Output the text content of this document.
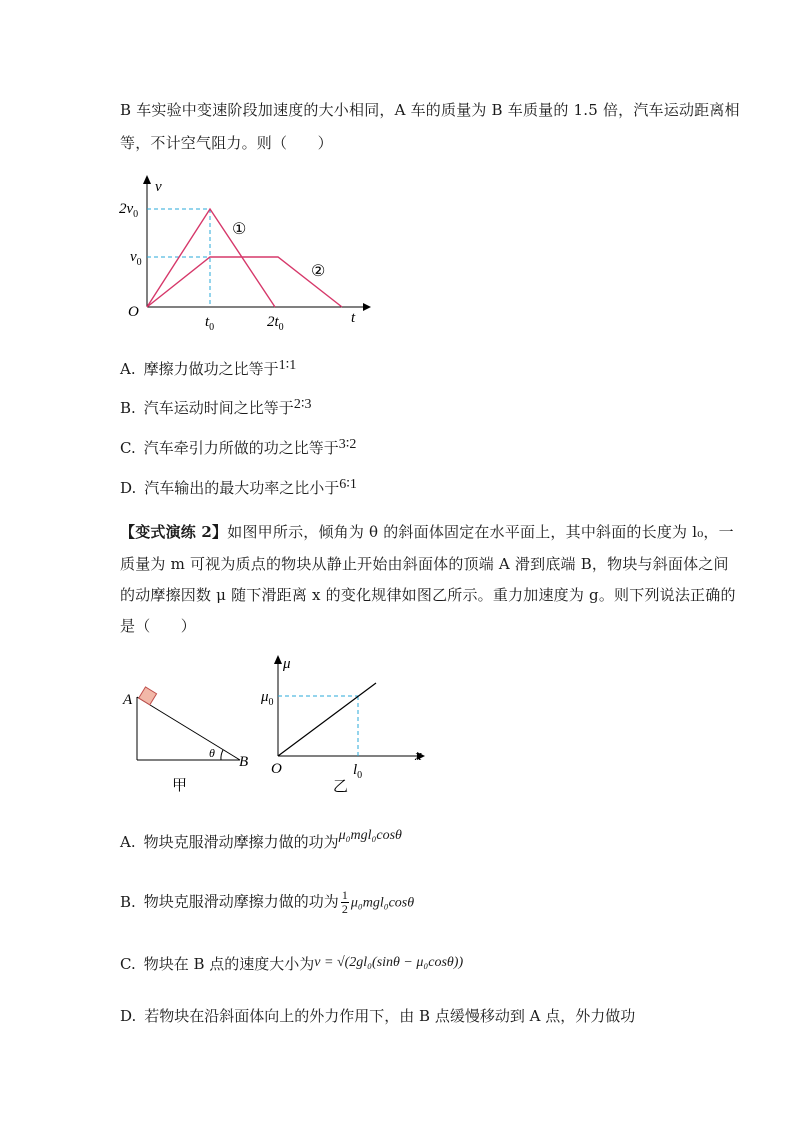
B 车实验中变速阶段加速度的大小相同，A 车的质量为 B 车质量的 1.5 倍，汽车运动距离相
等，不计空气阻力。则（　　）
v
t
O
$2v_0$
$v_0$
$t_0$	$2t_0$
①
②
A. 摩擦力做功之比等于1∶1
B. 汽车运动时间之比等于2∶3
C. 汽车牵引力所做的功之比等于3∶2
D. 汽车输出的最大功率之比小于6∶1
【变式演练 2】如图甲所示，倾角为 θ 的斜面体固定在水平面上，其中斜面的长度为 l₀，一
质量为 m 可视为质点的物块从静止开始由斜面体的顶端 A 滑到底端 B，物块与斜面体之间
的动摩擦因数 μ 随下滑距离 x 的变化规律如图乙所示。重力加速度为 g。则下列说法正确的
是（　　）
A
B
θ
甲
μ
x
O
$\mu_0$
$l_0$
乙
A. 物块克服滑动摩擦力做的功为μ₀mgl₀cosθ
B. 物块克服滑动摩擦力做的功为 $\frac{1}{2} \mu_0mgl_0\cos\theta$
C. 物块在 B 点的速度大小为v = √(2gl₀(sinθ − μ₀cosθ))
D. 若物块在沿斜面体向上的外力作用下，由 B 点缓慢移动到 A 点，外力做功
